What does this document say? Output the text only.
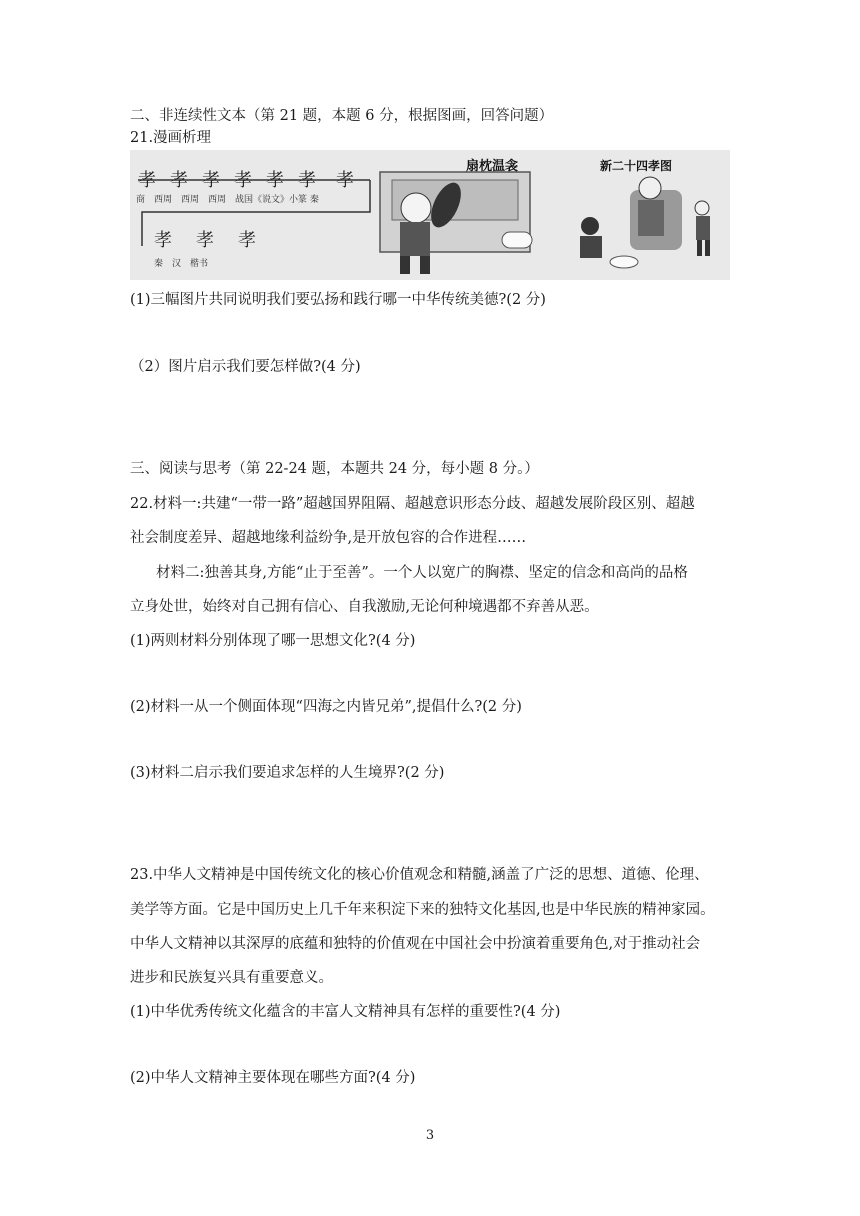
二、非连续性文本（第 21 题，本题 6 分，根据图画，回答问题）
21.漫画析理
孝 孝 孝 孝 孝 孝 孝
孝 孝 孝
商　西周　西周　西周　战国《说文》小篆 秦
秦　汉　楷书
扇枕温衾	新二十四孝图
(1)三幅图片共同说明我们要弘扬和践行哪一中华传统美德?(2 分)
（2）图片启示我们要怎样做?(4 分)
三、阅读与思考（第 22-24 题，本题共 24 分，每小题 8 分。）
22.材料一:共建“一带一路”超越国界阻隔、超越意识形态分歧、超越发展阶段区别、超越
社会制度差异、超越地缘利益纷争,是开放包容的合作进程……
材料二:独善其身,方能“止于至善”。一个人以宽广的胸襟、坚定的信念和高尚的品格
立身处世，始终对自己拥有信心、自我激励,无论何种境遇都不弃善从恶。
(1)两则材料分别体现了哪一思想文化?(4 分)
(2)材料一从一个侧面体现“四海之内皆兄弟”,提倡什么?(2 分)
(3)材料二启示我们要追求怎样的人生境界?(2 分)
23.中华人文精神是中国传统文化的核心价值观念和精髓,涵盖了广泛的思想、道德、伦理、
美学等方面。它是中国历史上几千年来积淀下来的独特文化基因,也是中华民族的精神家园。
中华人文精神以其深厚的底蕴和独特的价值观在中国社会中扮演着重要角色,对于推动社会
进步和民族复兴具有重要意义。
(1)中华优秀传统文化蕴含的丰富人文精神具有怎样的重要性?(4 分)
(2)中华人文精神主要体现在哪些方面?(4 分)
3
